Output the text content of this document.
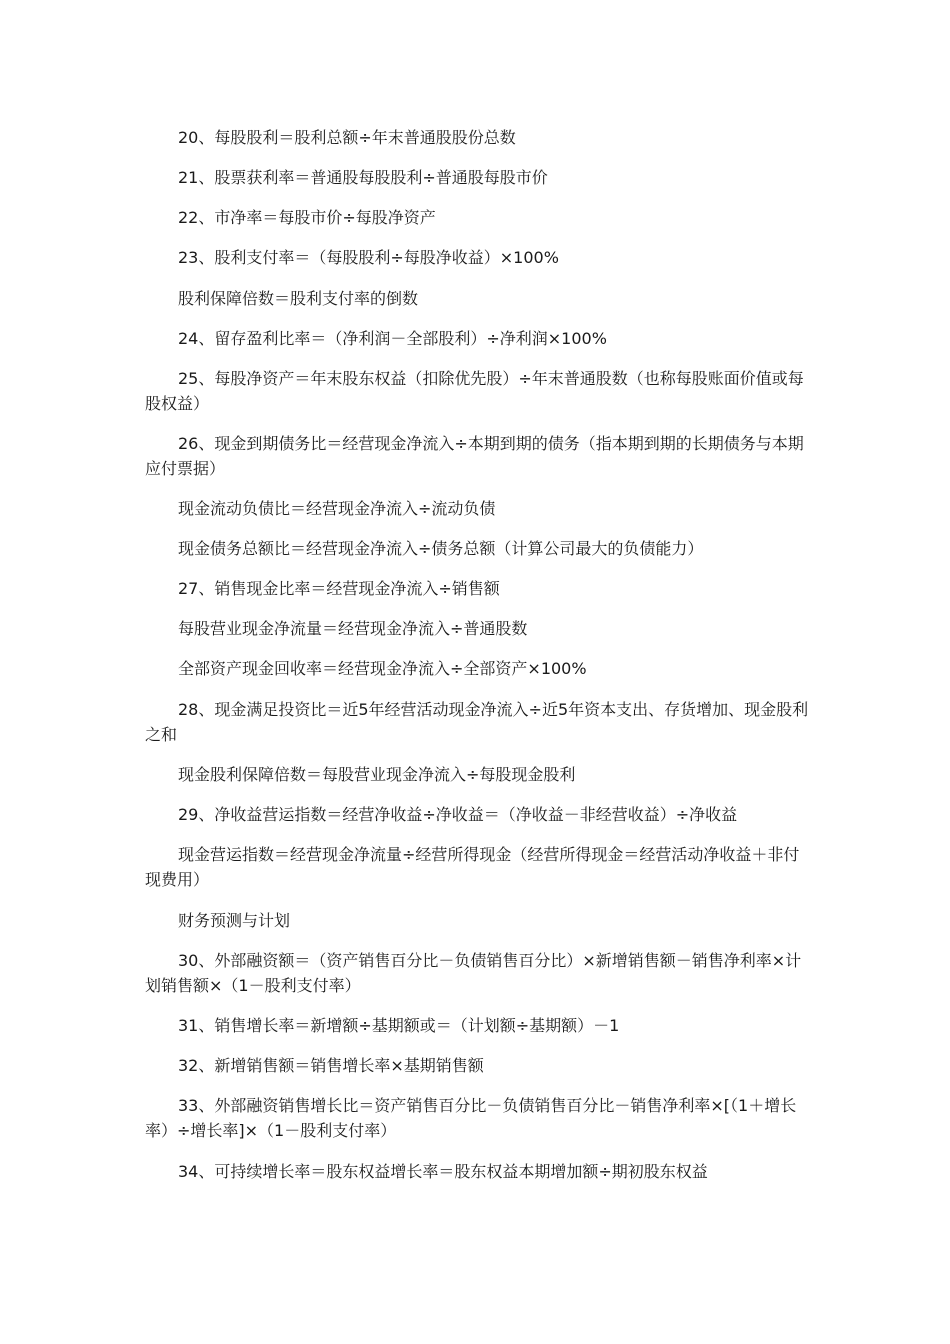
20、每股股利＝股利总额÷年末普通股股份总数
21、股票获利率＝普通股每股股利÷普通股每股市价
22、市净率＝每股市价÷每股净资产
23、股利支付率＝（每股股利÷每股净收益）×100%
股利保障倍数＝股利支付率的倒数
24、留存盈利比率＝（净利润－全部股利）÷净利润×100%
25、每股净资产＝年末股东权益（扣除优先股）÷年末普通股数（也称每股账面价值或每股权益）
26、现金到期债务比＝经营现金净流入÷本期到期的债务（指本期到期的长期债务与本期应付票据）
现金流动负债比＝经营现金净流入÷流动负债
现金债务总额比＝经营现金净流入÷债务总额（计算公司最大的负债能力）
27、销售现金比率＝经营现金净流入÷销售额
每股营业现金净流量＝经营现金净流入÷普通股数
全部资产现金回收率＝经营现金净流入÷全部资产×100%
28、现金满足投资比＝近5年经营活动现金净流入÷近5年资本支出、存货增加、现金股利之和
现金股利保障倍数＝每股营业现金净流入÷每股现金股利
29、净收益营运指数＝经营净收益÷净收益＝（净收益－非经营收益）÷净收益
现金营运指数＝经营现金净流量÷经营所得现金（经营所得现金＝经营活动净收益＋非付现费用）
财务预测与计划
30、外部融资额＝（资产销售百分比－负债销售百分比）×新增销售额－销售净利率×计划销售额×（1－股利支付率）
31、销售增长率＝新增额÷基期额或＝（计划额÷基期额）－1
32、新增销售额＝销售增长率×基期销售额
33、外部融资销售增长比＝资产销售百分比－负债销售百分比－销售净利率×[（1＋增长率）÷增长率]×（1－股利支付率）
34、可持续增长率＝股东权益增长率＝股东权益本期增加额÷期初股东权益
